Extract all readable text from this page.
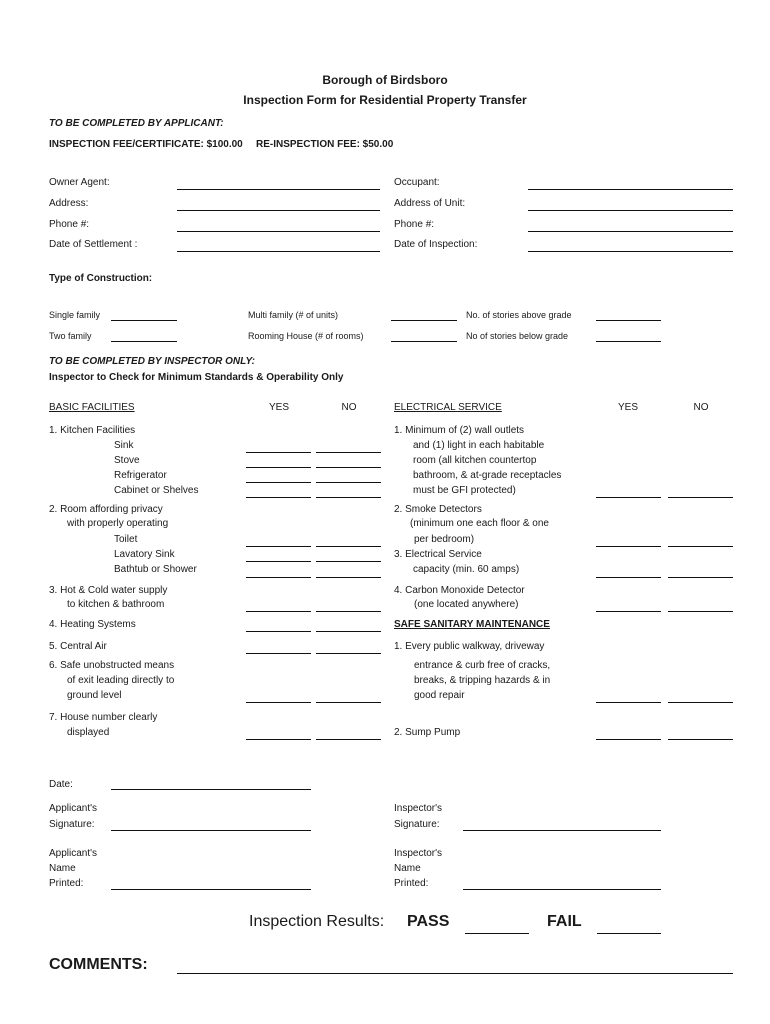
Borough of Birdsboro
Inspection Form for Residential Property Transfer
TO BE COMPLETED BY APPLICANT:
INSPECTION FEE/CERTIFICATE: $100.00 RE-INSPECTION FEE: $50.00
Owner Agent:
Address:
Phone #:
Date of Settlement :
Occupant:
Address of Unit:
Phone #:
Date of Inspection:
Type of Construction:
Single family
Two family
Multi family (# of units)
Rooming House (# of rooms)
No. of stories above grade
No of stories below grade
TO BE COMPLETED BY INSPECTOR ONLY:
Inspector to Check for Minimum Standards & Operability Only
BASIC FACILITIES	YES	NO	ELECTRICAL SERVICE	YES	NO
1. Kitchen Facilities
Sink
Stove
Refrigerator
Cabinet or Shelves
2. Room affording privacy
with properly operating
Toilet
Lavatory Sink
Bathtub or Shower
3. Hot & Cold water supply
to kitchen & bathroom
4. Heating Systems
5. Central Air
6. Safe unobstructed means
of exit leading directly to
ground level
7. House number clearly
displayed
1. Minimum of (2) wall outlets
and (1) light in each habitable
room (all kitchen countertop
bathroom, & at-grade receptacles
must be GFI protected)
2. Smoke Detectors
(minimum one each floor & one
per bedroom)
3. Electrical Service
capacity (min. 60 amps)
4. Carbon Monoxide Detector
(one located anywhere)
SAFE SANITARY MAINTENANCE
1. Every public walkway, driveway
entrance & curb free of cracks,
breaks, & tripping hazards & in
good repair
2. Sump Pump
Date:
Applicant's
Signature:
Inspector's
Signature:
Applicant's
Name
Printed:
Inspector's
Name
Printed:
Inspection Results: PASS	FAIL
COMMENTS:
